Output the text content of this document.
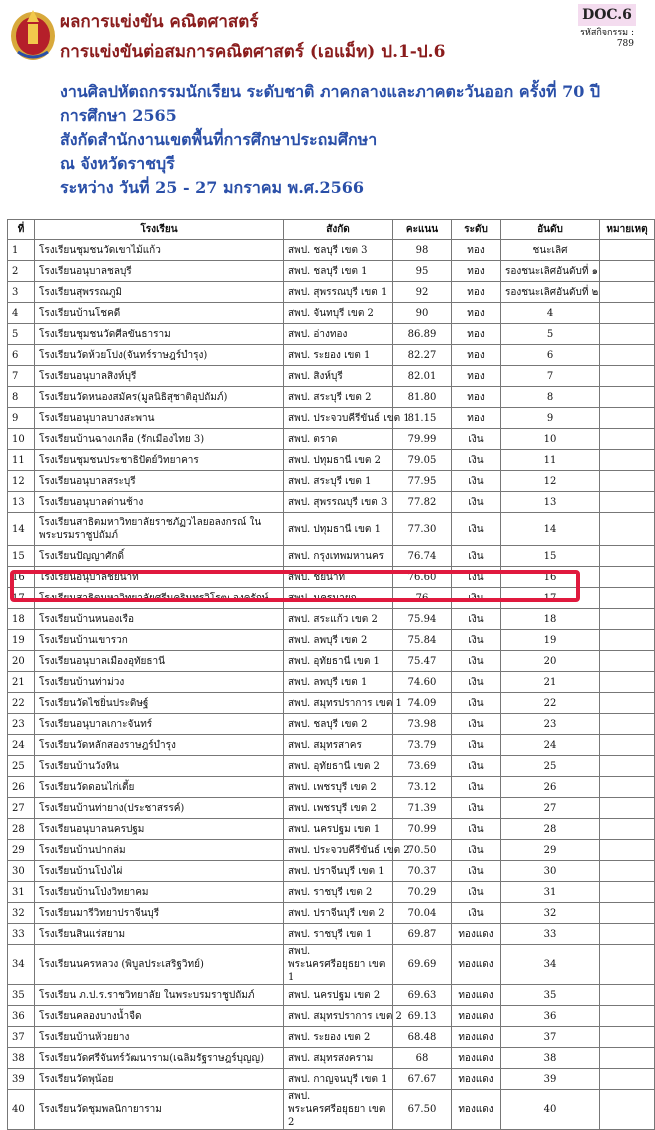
ผลการแข่งขัน คณิตศาสตร์
การแข่งขันต่อสมการคณิตศาสตร์ (เอแม็ท) ป.1-ป.6
DOC.6
รหัสกิจกรรม :
789
งานศิลปหัตถกรรมนักเรียน ระดับชาติ ภาคกลางและภาคตะวันออก ครั้งที่ 70 ปี
การศึกษา 2565
สังกัดสำนักงานเขตพื้นที่การศึกษาประถมศึกษา
ณ จังหวัดราชบุรี
ระหว่าง วันที่ 25 - 27 มกราคม พ.ศ.2566
ที่	โรงเรียน	สังกัด	คะแนน	ระดับ	อันดับ	หมายเหตุ
1	โรงเรียนชุมชนวัดเขาไม้แก้ว	สพป. ชลบุรี เขต 3	98	ทอง	ชนะเลิศ	
2	โรงเรียนอนุบาลชลบุรี	สพป. ชลบุรี เขต 1	95	ทอง	รองชนะเลิศอันดับที่ ๑	
3	โรงเรียนสุพรรณภูมิ	สพป. สุพรรณบุรี เขต 1	92	ทอง	รองชนะเลิศอันดับที่ ๒	
4	โรงเรียนบ้านโชคดี	สพป. จันทบุรี เขต 2	90	ทอง	4	
5	โรงเรียนชุมชนวัดศีลขันธาราม	สพป. อ่างทอง	86.89	ทอง	5	
6	โรงเรียนวัดห้วยโปง(จันทร์ราษฎร์บำรุง)	สพป. ระยอง เขต 1	82.27	ทอง	6	
7	โรงเรียนอนุบาลสิงห์บุรี	สพป. สิงห์บุรี	82.01	ทอง	7	
8	โรงเรียนวัดหนองสมัคร(มูลนิธิสุชาติอุปถัมภ์)	สพป. สระบุรี เขต 2	81.80	ทอง	8	
9	โรงเรียนอนุบาลบางสะพาน	สพป. ประจวบคีรีขันธ์ เขต 1	81.15	ทอง	9	
10	โรงเรียนบ้านฉางเกลือ (รักเมืองไทย 3)	สพป. ตราด	79.99	เงิน	10	
11	โรงเรียนชุมชนประชาธิปัตย์วิทยาคาร	สพป. ปทุมธานี เขต 2	79.05	เงิน	11	
12	โรงเรียนอนุบาลสระบุรี	สพป. สระบุรี เขต 1	77.95	เงิน	12	
13	โรงเรียนอนุบาลด่านช้าง	สพป. สุพรรณบุรี เขต 3	77.82	เงิน	13	
14	โรงเรียนสาธิตมหาวิทยาลัยราชภัฏวไลยอลงกรณ์ ในพระบรมราชูปถัมภ์	สพป. ปทุมธานี เขต 1	77.30	เงิน	14	
15	โรงเรียนปัญญาศักดิ์	สพป. กรุงเทพมหานคร	76.74	เงิน	15	
16	โรงเรียนอนุบาลชัยนาท	สพป. ชัยนาท	76.60	เงิน	16	
17	โรงเรียนสาธิตมหาวิทยาลัยศรีนครินทรวิโรฒ องครักษ์	สพป. นครนายก	76	เงิน	17	
18	โรงเรียนบ้านหนองเรือ	สพป. สระแก้ว เขต 2	75.94	เงิน	18	
19	โรงเรียนบ้านเขารวก	สพป. ลพบุรี เขต 2	75.84	เงิน	19	
20	โรงเรียนอนุบาลเมืองอุทัยธานี	สพป. อุทัยธานี เขต 1	75.47	เงิน	20	
21	โรงเรียนบ้านท่าม่วง	สพป. ลพบุรี เขต 1	74.60	เงิน	21	
22	โรงเรียนวัดไชยิ่นประดิษฐ์	สพป. สมุทรปราการ เขต 1	74.09	เงิน	22	
23	โรงเรียนอนุบาลเกาะจันทร์	สพป. ชลบุรี เขต 2	73.98	เงิน	23	
24	โรงเรียนวัดหลักสองราษฎร์บำรุง	สพป. สมุทรสาคร	73.79	เงิน	24	
25	โรงเรียนบ้านวังหิน	สพป. อุทัยธานี เขต 2	73.69	เงิน	25	
26	โรงเรียนวัดดอนไก่เตี้ย	สพป. เพชรบุรี เขต 2	73.12	เงิน	26	
27	โรงเรียนบ้านท่ายาง(ประชาสรรค์)	สพป. เพชรบุรี เขต 2	71.39	เงิน	27	
28	โรงเรียนอนุบาลนครปฐม	สพป. นครปฐม เขต 1	70.99	เงิน	28	
29	โรงเรียนบ้านปากล่ม	สพป. ประจวบคีรีขันธ์ เขต 2	70.50	เงิน	29	
30	โรงเรียนบ้านโป่งไผ่	สพป. ปราจีนบุรี เขต 1	70.37	เงิน	30	
31	โรงเรียนบ้านโป่งวิทยาคม	สพป. ราชบุรี เขต 2	70.29	เงิน	31	
32	โรงเรียนมารีวิทยาปราจีนบุรี	สพป. ปราจีนบุรี เขต 2	70.04	เงิน	32	
33	โรงเรียนสินแร่สยาม	สพป. ราชบุรี เขต 1	69.87	ทองแดง	33	
34	โรงเรียนนครหลวง (พิบูลประเสริฐวิทย์)	สพป. พระนครศรีอยุธยา เขต 1	69.69	ทองแดง	34	
35	โรงเรียน ภ.ป.ร.ราชวิทยาลัย ในพระบรมราชูปถัมภ์	สพป. นครปฐม เขต 2	69.63	ทองแดง	35	
36	โรงเรียนคลองบางน้ำจืด	สพป. สมุทรปราการ เขต 2	69.13	ทองแดง	36	
37	โรงเรียนบ้านห้วยยาง	สพป. ระยอง เขต 2	68.48	ทองแดง	37	
38	โรงเรียนวัดศรีจันทร์วัฒนาราม(เฉลิมรัฐราษฎร์บุญญ)	สพป. สมุทรสงคราม	68	ทองแดง	38	
39	โรงเรียนวัดพุน้อย	สพป. กาญจนบุรี เขต 1	67.67	ทองแดง	39	
40	โรงเรียนวัดชุมพลนิกายาราม	สพป. พระนครศรีอยุธยา เขต 2	67.50	ทองแดง	40	
